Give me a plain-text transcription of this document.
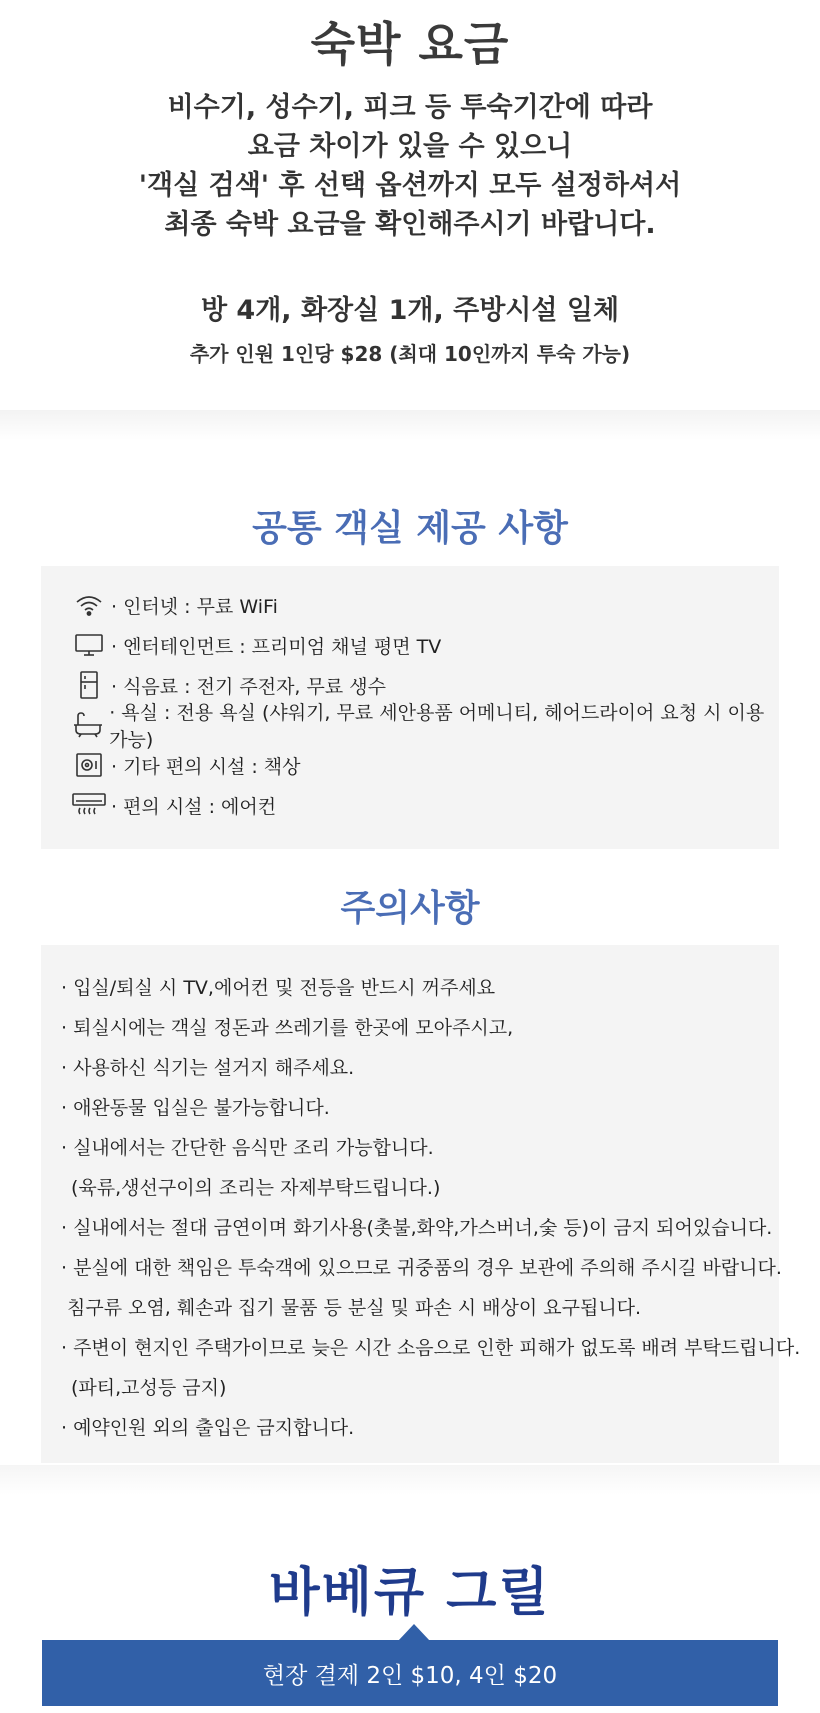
숙박 요금
비수기, 성수기, 피크 등 투숙기간에 따라
요금 차이가 있을 수 있으니
'객실 검색' 후 선택 옵션까지 모두 설정하셔서
최종 숙박 요금을 확인해주시기 바랍니다.
방 4개, 화장실 1개, 주방시설 일체
추가 인원 1인당 $28 (최대 10인까지 투숙 가능)
공통 객실 제공 사항
· 인터넷 : 무료 WiFi
· 엔터테인먼트 : 프리미엄 채널 평면 TV
· 식음료 : 전기 주전자, 무료 생수
· 욕실 : 전용 욕실 (샤워기, 무료 세안용품 어메니티, 헤어드라이어 요청 시 이용 가능)
· 기타 편의 시설 : 책상
· 편의 시설 : 에어컨
주의사항
· 입실/퇴실 시 TV,에어컨 및 전등을 반드시 꺼주세요
· 퇴실시에는 객실 정돈과 쓰레기를 한곳에 모아주시고,
· 사용하신 식기는 설거지 해주세요.
· 애완동물 입실은 불가능합니다.
· 실내에서는 간단한 음식만 조리 가능합니다.
(육류,생선구이의 조리는 자제부탁드립니다.)
· 실내에서는 절대 금연이며 화기사용(촛불,화약,가스버너,숯 등)이 금지 되어있습니다.
· 분실에 대한 책임은 투숙객에 있으므로 귀중품의 경우 보관에 주의해 주시길 바랍니다.
침구류 오염, 훼손과 집기 물품 등 분실 및 파손 시 배상이 요구됩니다.
· 주변이 현지인 주택가이므로 늦은 시간 소음으로 인한 피해가 없도록 배려 부탁드립니다.
(파티,고성등 금지)
· 예약인원 외의 출입은 금지합니다.
바베큐 그릴
현장 결제 2인 $10, 4인 $20
